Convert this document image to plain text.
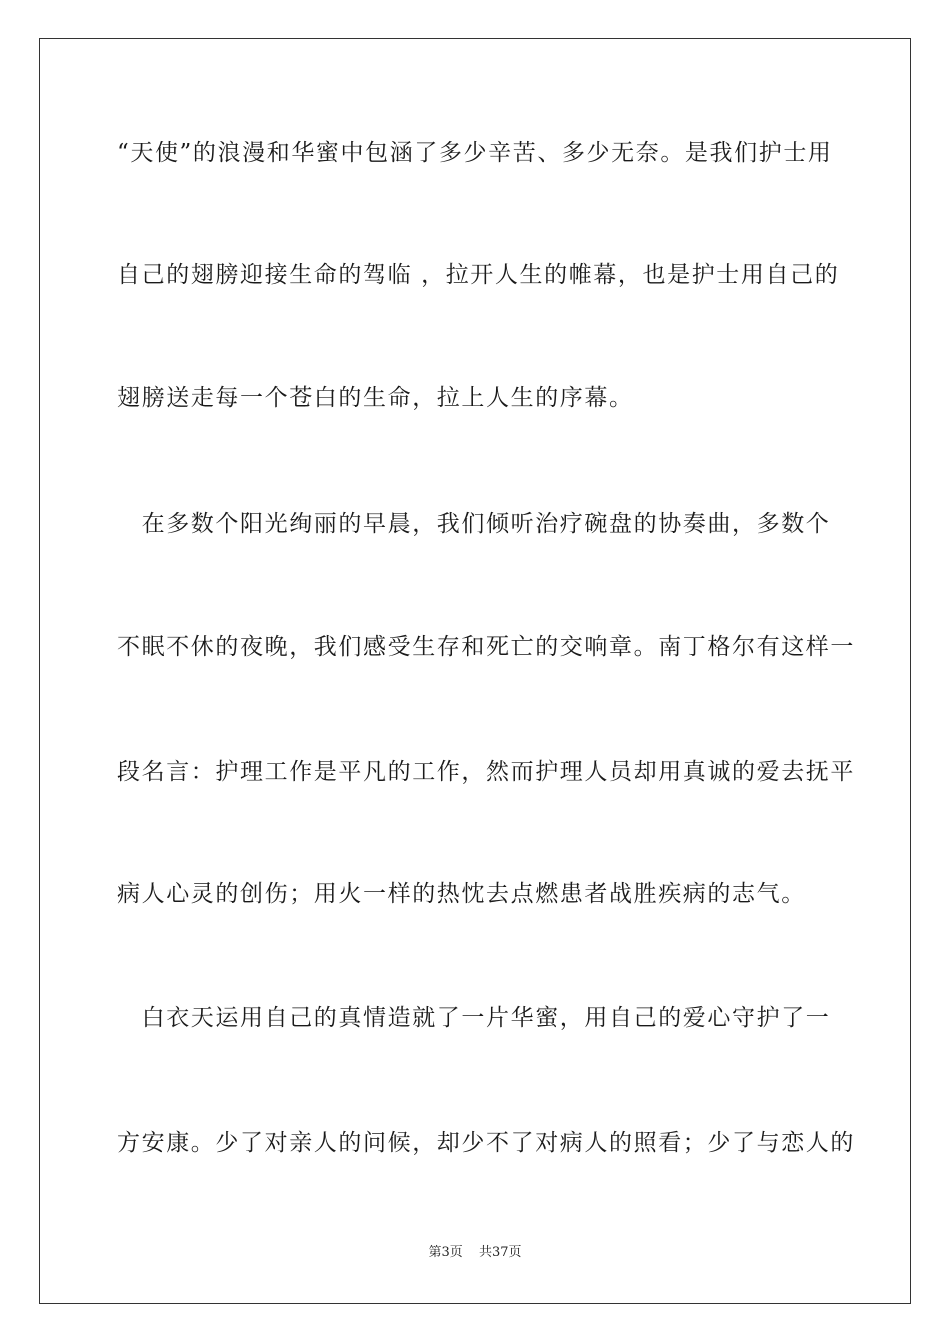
“天使”的浪漫和华蜜中包涵了多少辛苦、多少无奈。是我们护士用
自己的翅膀迎接生命的驾临 ，拉开人生的帷幕，也是护士用自己的
翅膀送走每一个苍白的生命，拉上人生的序幕。
　在多数个阳光绚丽的早晨，我们倾听治疗碗盘的协奏曲，多数个
不眠不休的夜晚，我们感受生存和死亡的交响章。南丁格尔有这样一
段名言：护理工作是平凡的工作，然而护理人员却用真诚的爱去抚平
病人心灵的创伤；用火一样的热忱去点燃患者战胜疾病的志气。
　白衣天运用自己的真情造就了一片华蜜，用自己的爱心守护了一
方安康。少了对亲人的问候，却少不了对病人的照看；少了与恋人的
第3页 共37页
